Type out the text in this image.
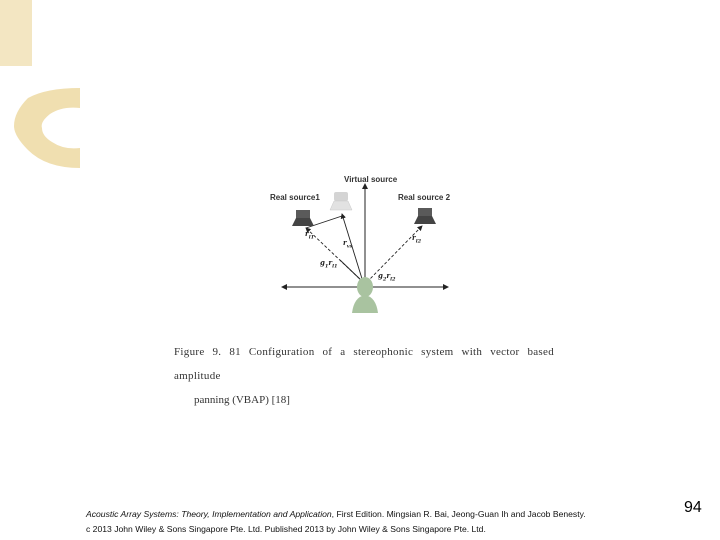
Virtual source
Real source1	Real source 2
$r_{l1}$	$r_{l2}$
$r_{vs}$
$g_1r_{l1}$
$g_2r_{l2}$
Figure 9. 81 Configuration of a stereophonic system with vector based amplitude
panning (VBAP) [18]
Acoustic Array Systems: Theory, Implementation and Application, First Edition. Mingsian R. Bai, Jeong-Guan Ih and Jacob Benesty.
c 2013 John Wiley & Sons Singapore Pte. Ltd. Published 2013 by John Wiley & Sons Singapore Pte. Ltd.
94
